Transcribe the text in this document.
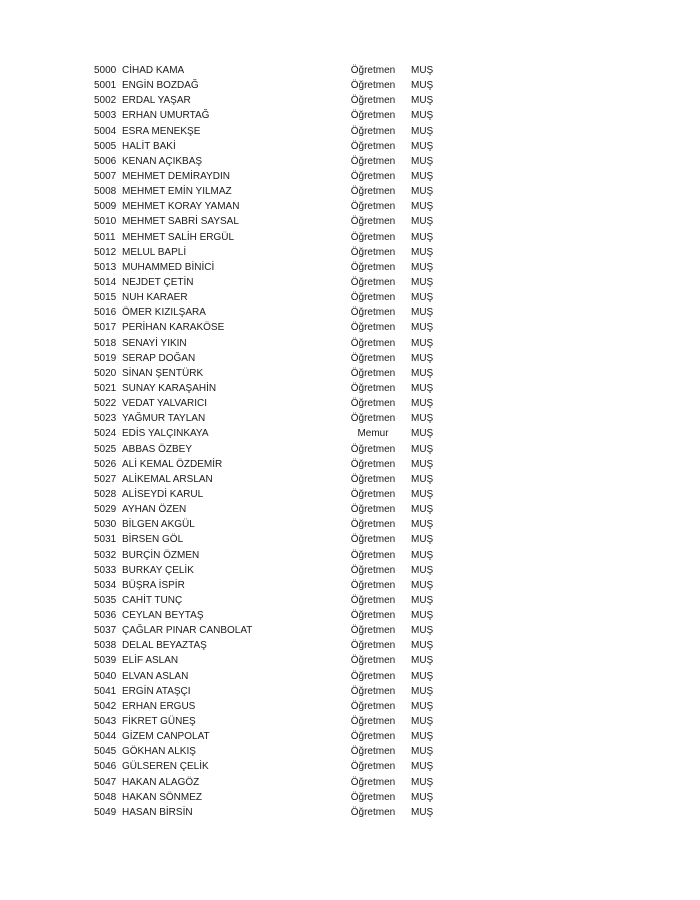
5000 CİHAD KAMA	Öğretmen	MUŞ
5001 ENGİN BOZDAĞ	Öğretmen	MUŞ
5002 ERDAL YAŞAR	Öğretmen	MUŞ
5003 ERHAN UMURTAĞ	Öğretmen	MUŞ
5004 ESRA MENEKŞE	Öğretmen	MUŞ
5005 HALİT BAKİ	Öğretmen	MUŞ
5006 KENAN AÇIKBAŞ	Öğretmen	MUŞ
5007 MEHMET DEMİRAYDIN	Öğretmen	MUŞ
5008 MEHMET EMİN YILMAZ	Öğretmen	MUŞ
5009 MEHMET KORAY YAMAN	Öğretmen	MUŞ
5010 MEHMET SABRİ SAYSAL	Öğretmen	MUŞ
5011 MEHMET SALİH ERGÜL	Öğretmen	MUŞ
5012 MELUL BAPLİ	Öğretmen	MUŞ
5013 MUHAMMED BİNİCİ	Öğretmen	MUŞ
5014 NEJDET ÇETİN	Öğretmen	MUŞ
5015 NUH KARAER	Öğretmen	MUŞ
5016 ÖMER KIZILŞARA	Öğretmen	MUŞ
5017 PERİHAN KARAKÖSE	Öğretmen	MUŞ
5018 SENAYİ YIKIN	Öğretmen	MUŞ
5019 SERAP DOĞAN	Öğretmen	MUŞ
5020 SİNAN ŞENTÜRK	Öğretmen	MUŞ
5021 SUNAY KARAŞAHİN	Öğretmen	MUŞ
5022 VEDAT YALVARICI	Öğretmen	MUŞ
5023 YAĞMUR TAYLAN	Öğretmen	MUŞ
5024 EDİS YALÇINKAYA	Memur	MUŞ
5025 ABBAS ÖZBEY	Öğretmen	MUŞ
5026 ALİ KEMAL ÖZDEMİR	Öğretmen	MUŞ
5027 ALİKEMAL ARSLAN	Öğretmen	MUŞ
5028 ALİSEYDİ KARUL	Öğretmen	MUŞ
5029 AYHAN ÖZEN	Öğretmen	MUŞ
5030 BİLGEN AKGÜL	Öğretmen	MUŞ
5031 BİRSEN GÖL	Öğretmen	MUŞ
5032 BURÇİN ÖZMEN	Öğretmen	MUŞ
5033 BURKAY ÇELİK	Öğretmen	MUŞ
5034 BÜŞRA İSPİR	Öğretmen	MUŞ
5035 CAHİT TUNÇ	Öğretmen	MUŞ
5036 CEYLAN BEYTAŞ	Öğretmen	MUŞ
5037 ÇAĞLAR PINAR CANBOLAT	Öğretmen	MUŞ
5038 DELAL BEYAZTAŞ	Öğretmen	MUŞ
5039 ELİF ASLAN	Öğretmen	MUŞ
5040 ELVAN ASLAN	Öğretmen	MUŞ
5041 ERGİN ATAŞÇI	Öğretmen	MUŞ
5042 ERHAN ERGUS	Öğretmen	MUŞ
5043 FİKRET GÜNEŞ	Öğretmen	MUŞ
5044 GİZEM CANPOLAT	Öğretmen	MUŞ
5045 GÖKHAN ALKIŞ	Öğretmen	MUŞ
5046 GÜLSEREN ÇELİK	Öğretmen	MUŞ
5047 HAKAN ALAGÖZ	Öğretmen	MUŞ
5048 HAKAN SÖNMEZ	Öğretmen	MUŞ
5049 HASAN BİRSİN	Öğretmen	MUŞ
